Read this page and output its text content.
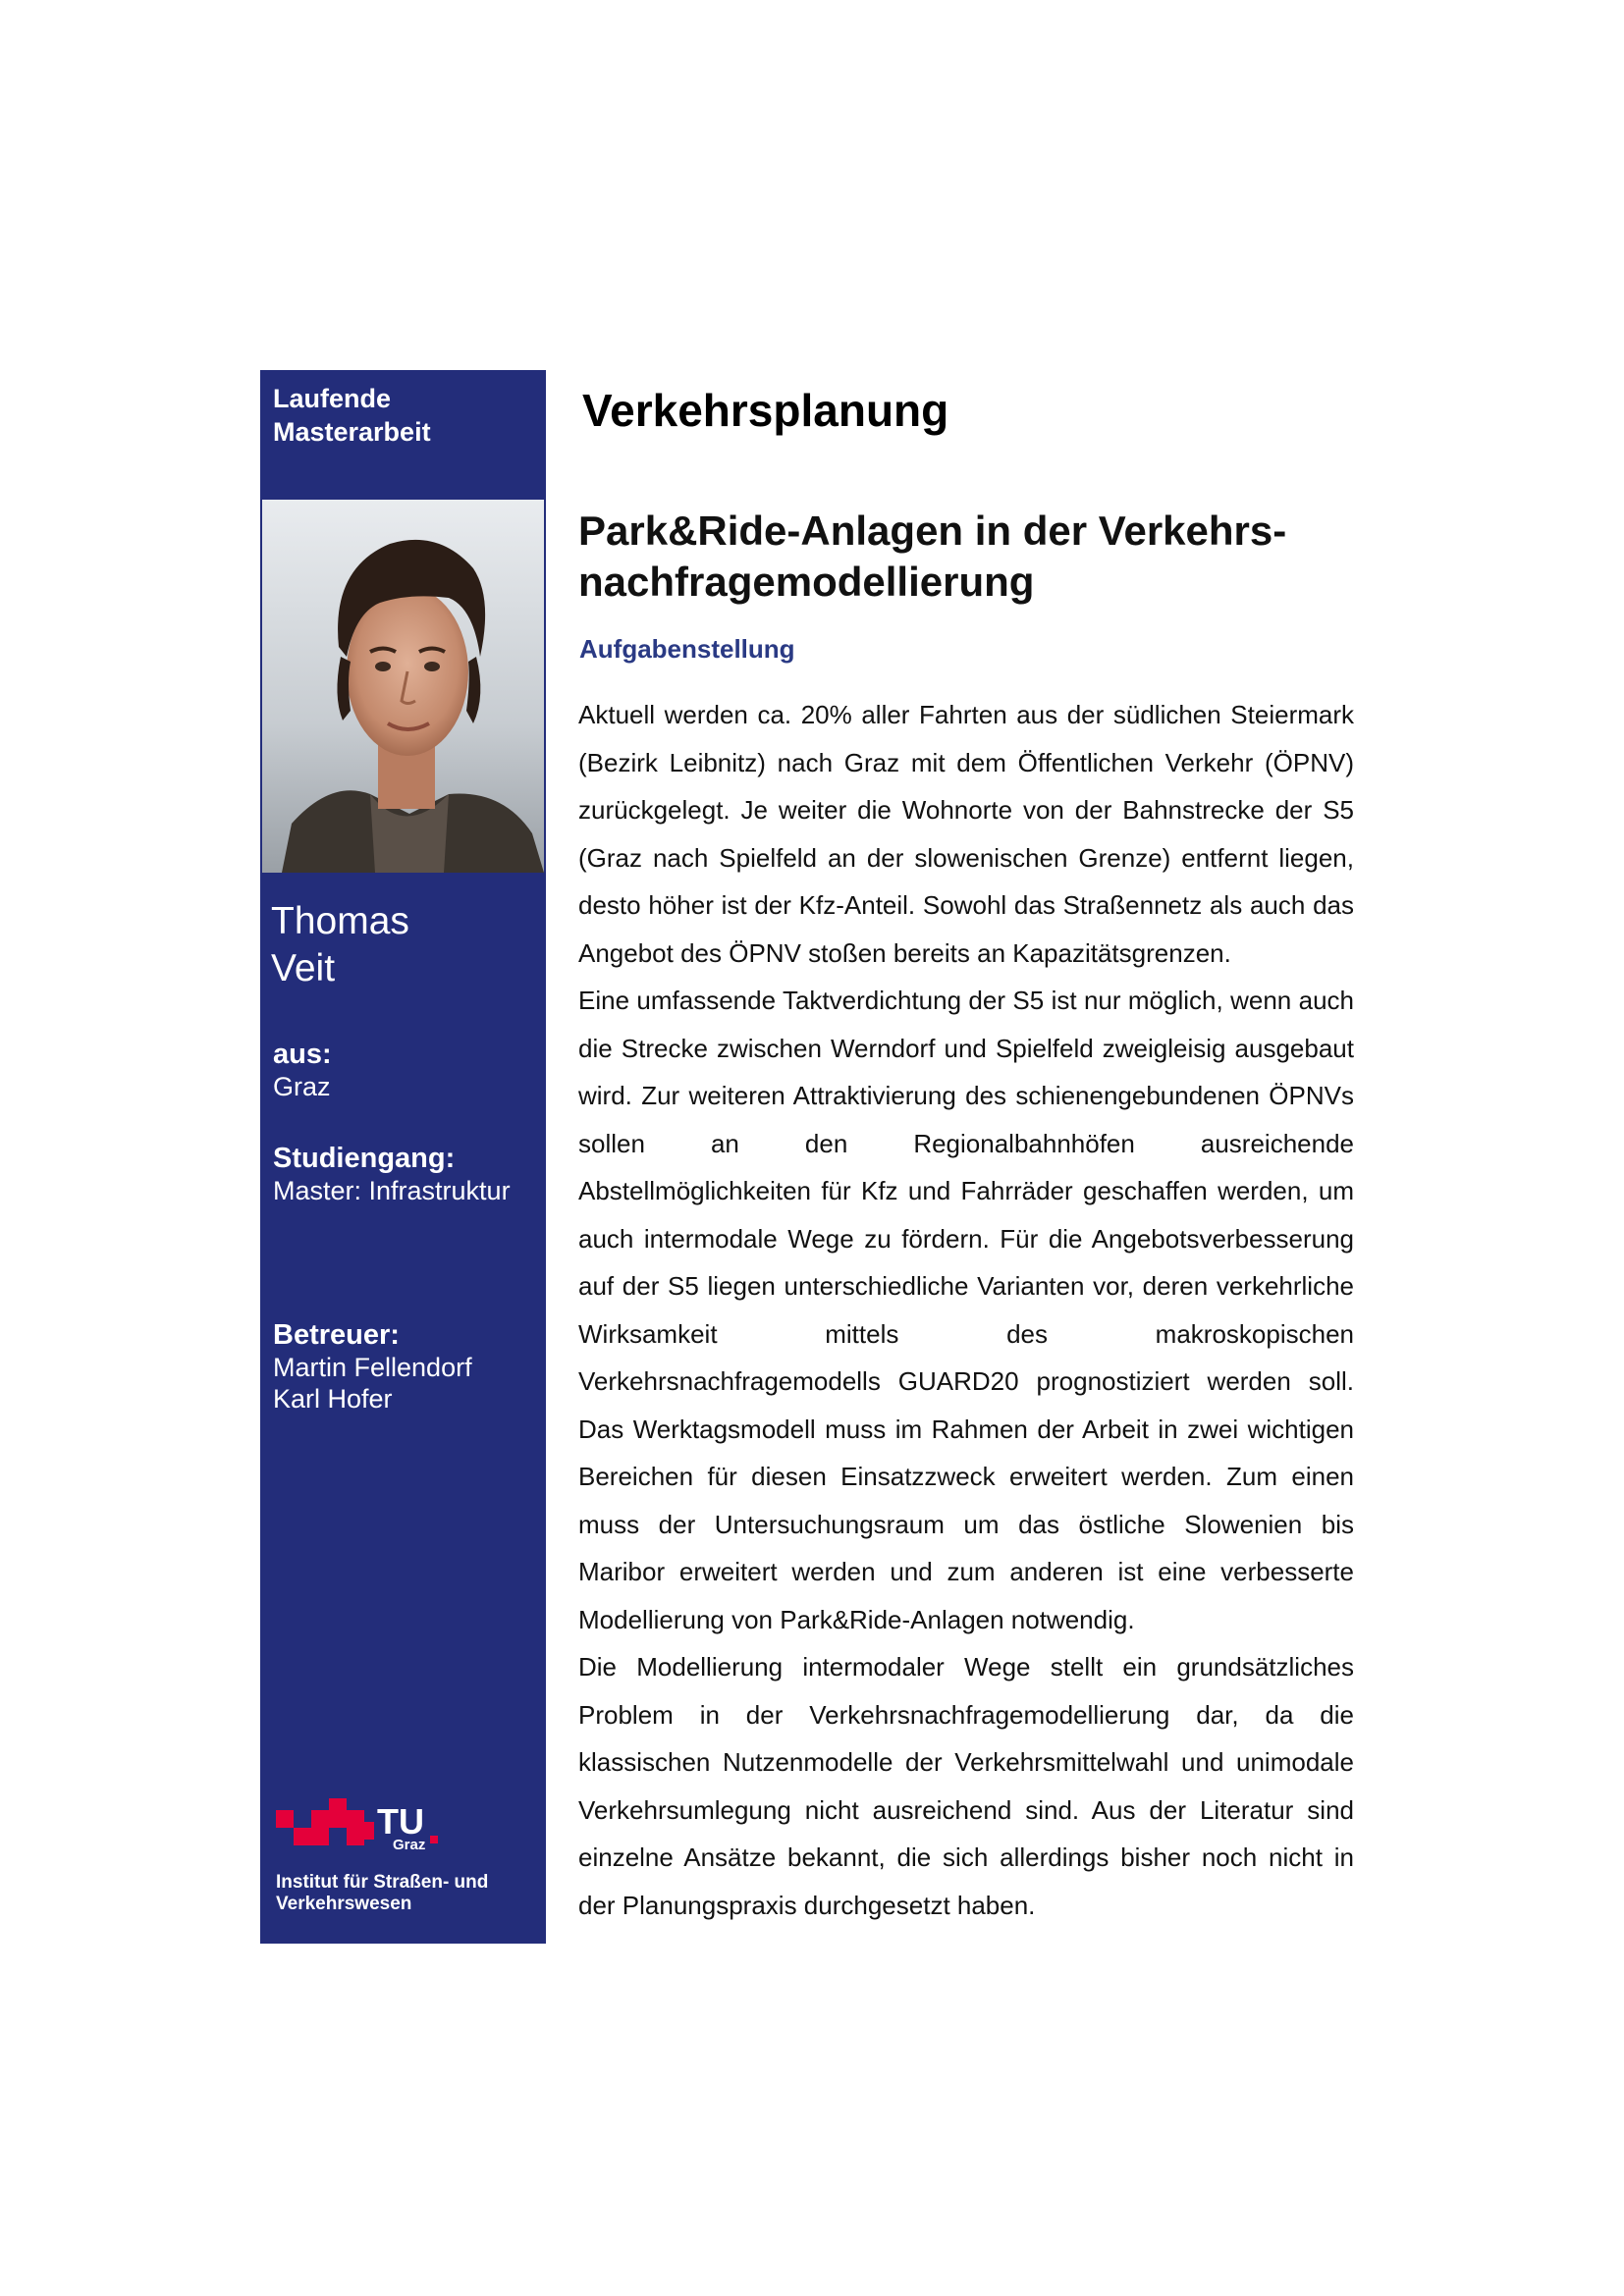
Laufende
Masterarbeit
Thomas
Veit
aus:
Graz
Studiengang:
Master: Infrastruktur
Betreuer:
Martin Fellendorf
Karl Hofer
TU
Graz
Institut für Straßen- und
Verkehrswesen
Verkehrsplanung
Park&Ride-Anlagen in der Verkehrs-
nachfragemodellierung
Aufgabenstellung

Aktuell werden ca. 20% aller Fahrten aus der südlichen Steiermark (Bezirk Leibnitz) nach Graz mit dem Öffentlichen Verkehr (ÖPNV) zurückgelegt. Je weiter die Wohnorte von der Bahnstrecke der S5 (Graz nach Spielfeld an der slowenischen Grenze) entfernt liegen, desto höher ist der Kfz-Anteil. Sowohl das Straßennetz als auch das Angebot des ÖPNV stoßen bereits an Kapazitätsgrenzen.

Eine umfassende Taktverdichtung der S5 ist nur möglich, wenn auch die Strecke zwischen Werndorf und Spielfeld zweigleisig ausgebaut wird. Zur weiteren Attraktivierung des schienengebundenen ÖPNVs sollen an den Regionalbahnhöfen ausreichende Abstellmöglichkeiten für Kfz und Fahrräder geschaffen werden, um auch intermodale Wege zu fördern. Für die Angebotsverbesserung auf der S5 liegen unterschiedliche Varianten vor, deren verkehrliche Wirksamkeit mittels des makroskopischen Verkehrsnachfragemodells GUARD20 prognostiziert werden soll. Das Werktagsmodell muss im Rahmen der Arbeit in zwei wichtigen Bereichen für diesen Einsatzzweck erweitert werden. Zum einen muss der Untersuchungsraum um das östliche Slowenien bis Maribor erweitert werden und zum anderen ist eine verbesserte Modellierung von Park&Ride-Anlagen notwendig.

Die Modellierung intermodaler Wege stellt ein grundsätzliches Problem in der Verkehrsnachfragemodellierung dar, da die klassischen Nutzenmodelle der Verkehrsmittelwahl und unimodale Verkehrsumlegung nicht ausreichend sind. Aus der Literatur sind einzelne Ansätze bekannt, die sich allerdings bisher noch nicht in der Planungspraxis durchgesetzt haben.
